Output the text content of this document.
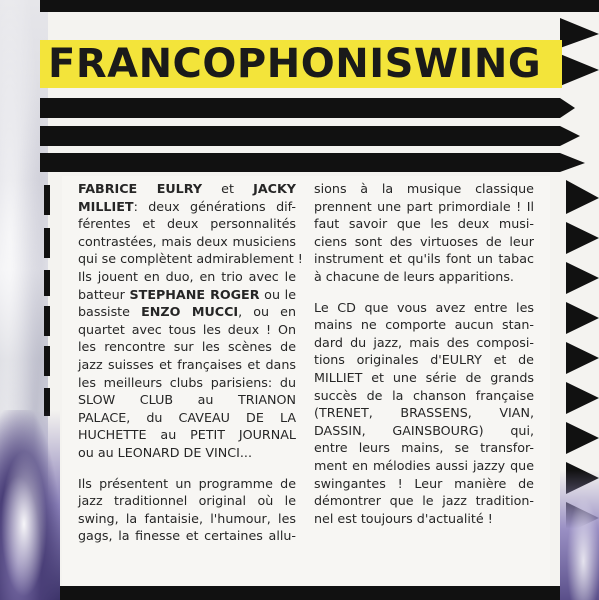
FRANCOPHONISWING
FABRICE EULRY et JACKY
MILLIET: deux générations dif-
férentes et deux personnalités
contrastées, mais deux musiciens
qui se complètent admirablement !
Ils jouent en duo, en trio avec le
batteur STEPHANE ROGER ou le
bassiste ENZO MUCCI, ou en
quartet avec tous les deux ! On
les rencontre sur les scènes de
jazz suisses et françaises et dans
les meilleurs clubs parisiens: du
SLOW CLUB au TRIANON
PALACE, du CAVEAU DE LA
HUCHETTE au PETIT JOURNAL
ou au LEONARD DE VINCI...
Ils présentent un programme de
jazz traditionnel original où le
swing, la fantaisie, l'humour, les
gags, la finesse et certaines allu-
sions à la musique classique
prennent une part primordiale ! Il
faut savoir que les deux musi-
ciens sont des virtuoses de leur
instrument et qu'ils font un tabac
à chacune de leurs apparitions.
Le CD que vous avez entre les
mains ne comporte aucun stan-
dard du jazz, mais des composi-
tions originales d'EULRY et de
MILLIET et une série de grands
succès de la chanson française
(TRENET, BRASSENS, VIAN,
DASSIN, GAINSBOURG) qui,
entre leurs mains, se transfor-
ment en mélodies aussi jazzy que
swingantes ! Leur manière de
démontrer que le jazz tradition-
nel est toujours d'actualité !
